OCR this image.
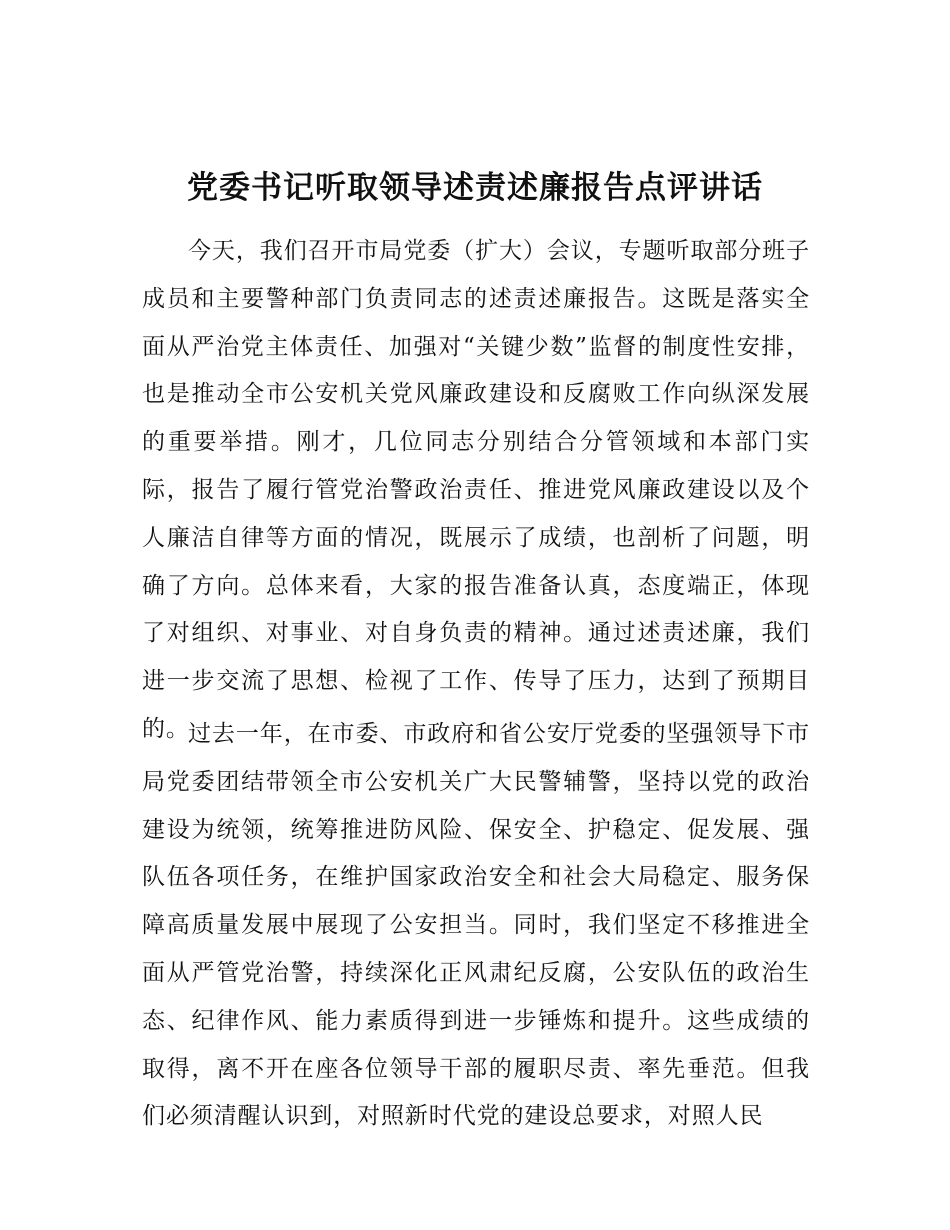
党委书记听取领导述责述廉报告点评讲话

今天，我们召开市局党委（扩大）会议，专题听取部分班子成员和主要警种部门负责同志的述责述廉报告。这既是落实全面从严治党主体责任、加强对“关键少数”监督的制度性安排，也是推动全市公安机关党风廉政建设和反腐败工作向纵深发展的重要举措。刚才，几位同志分别结合分管领域和本部门实际，报告了履行管党治警政治责任、推进党风廉政建设以及个人廉洁自律等方面的情况，既展示了成绩，也剖析了问题，明确了方向。总体来看，大家的报告准备认真，态度端正，体现了对组织、对事业、对自身负责的精神。通过述责述廉，我们进一步交流了思想、检视了工作、传导了压力，达到了预期目的。

过去一年，在市委、市政府和省公安厅党委的坚强领导下市局党委团结带领全市公安机关广大民警辅警，坚持以党的政治建设为统领，统筹推进防风险、保安全、护稳定、促发展、强队伍各项任务，在维护国家政治安全和社会大局稳定、服务保障高质量发展中展现了公安担当。同时，我们坚定不移推进全面从严管党治警，持续深化正风肃纪反腐，公安队伍的政治生态、纪律作风、能力素质得到进一步锤炼和提升。这些成绩的取得，离不开在座各位领导干部的履职尽责、率先垂范。但我们必须清醒认识到，对照新时代党的建设总要求，对照人民
